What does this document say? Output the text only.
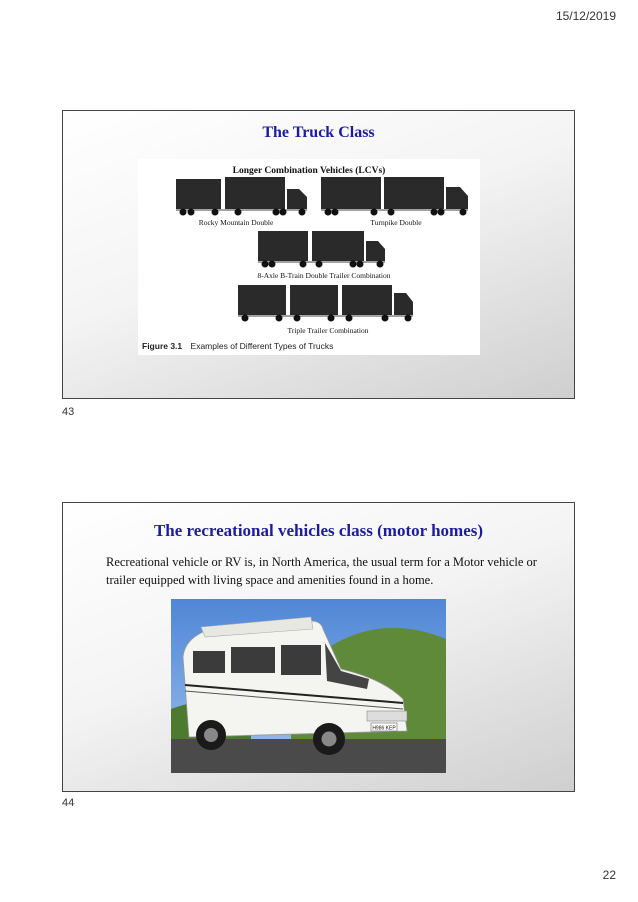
15/12/2019
The Truck Class
Longer Combination Vehicles (LCVs)
Rocky Mountain Double	Turnpike Double
8-Axle B-Train Double Trailer Combination
Triple Trailer Combination
Figure 3.1 Examples of Different Types of Trucks
43
The recreational vehicles class (motor homes)
Recreational vehicle or RV is, in North America, the usual term for a Motor vehicle or trailer equipped with living space and amenities found in a home.
H986 KEP
44
22
